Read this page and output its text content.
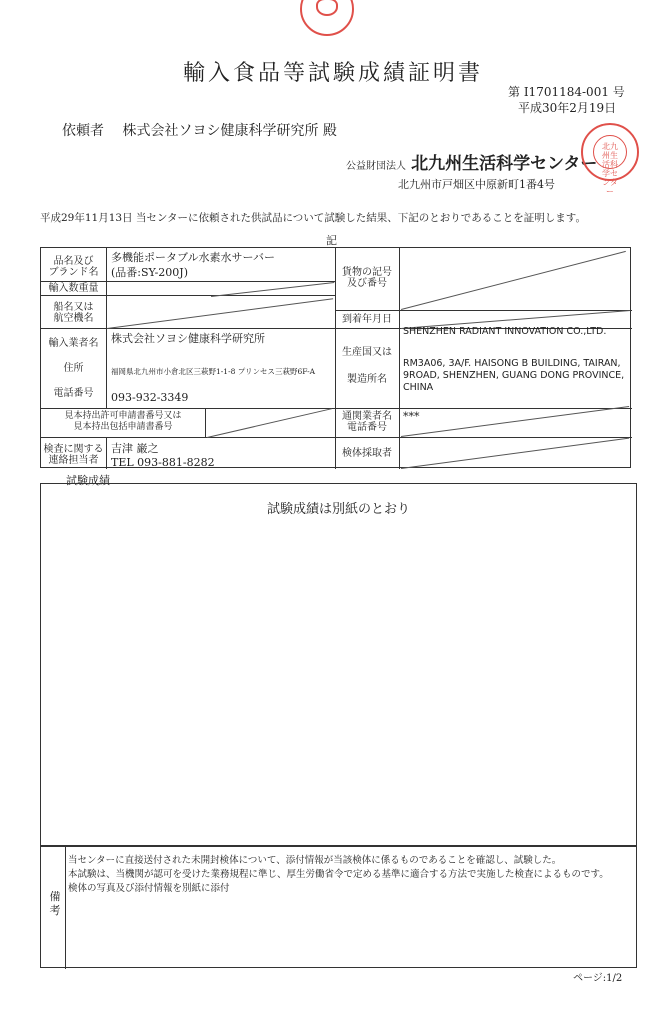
輸入食品等試験成績証明書
第 I1701184-001 号
平成30年2月19日
依頼者 株式会社ソヨシ健康科学研究所 殿
公益財団法人 北九州生活科学センター
北九州市戸畑区中原新町1番4号
北九州生活科学センター
平成29年11月13日 当センターに依頼された供試品について試験した結果、下記のとおりであることを証明します。
記
品名及び
ブランド名
輸入数重量
船名又は
航空機名
輸入業者名
住所
電話番号
見本持出許可申請書番号又は
見本持出包括申請書番号
検査に関する
連絡担当者
貨物の記号
及び番号
到着年月日
生産国又は
製造所名
通関業者名
電話番号
検体採取者
多機能ポータブル水素水サーバー
(品番:SY-200J)
株式会社ソヨシ健康科学研究所
福岡県北九州市小倉北区三萩野1-1-8 プリンセス三萩野6F-A
093-932-3349
吉津 巌之
TEL 093-881-8282
SHENZHEN RADIANT INNOVATION CO.,LTD.
RM3A06, 3A/F. HAISONG B BUILDING, TAIRAN, 9ROAD, SHENZHEN, GUANG DONG PROVINCE, CHINA
***
試験成績
試験成績は別紙のとおり
備考
当センターに直接送付された未開封検体について、添付情報が当該検体に係るものであることを確認し、試験した。
本試験は、当機関が認可を受けた業務規程に準じ、厚生労働省令で定める基準に適合する方法で実施した検査によるものです。
検体の写真及び添付情報を別紙に添付
ページ:1/2
